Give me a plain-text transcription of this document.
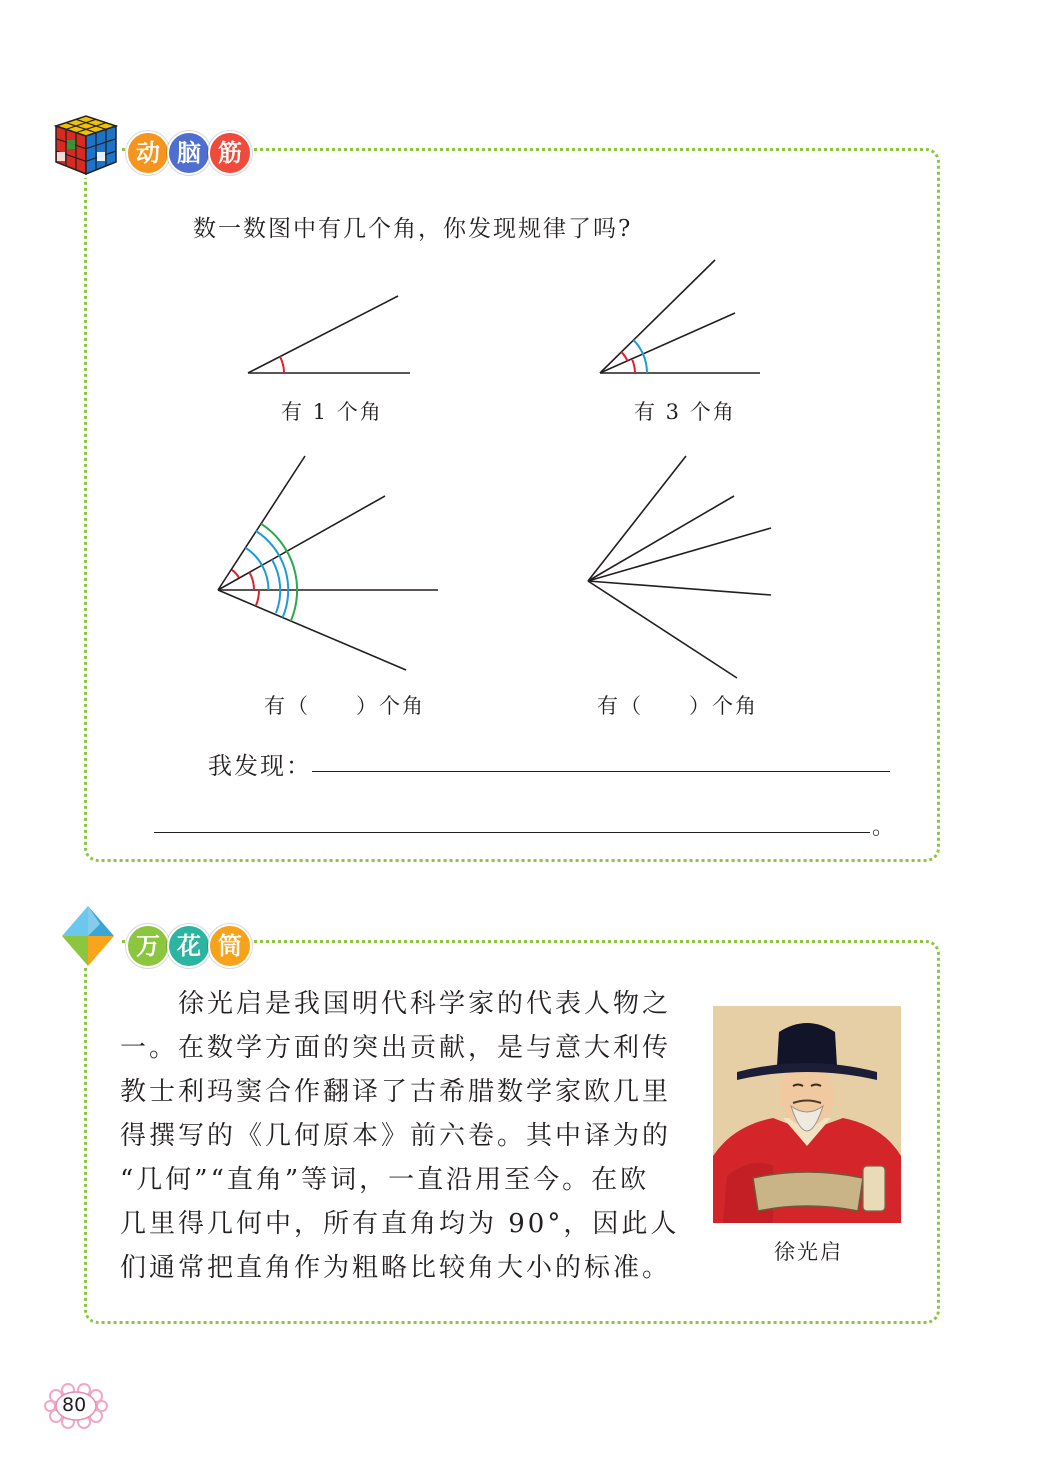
动 脑 筋
数一数图中有几个角，你发现规律了吗?
有 1 个角	有 3 个角
有（　　）个角	有（　　）个角
我发现：
。
万 花 筒
　　徐光启是我国明代科学家的代表人物之
一。在数学方面的突出贡献，是与意大利传
教士利玛窦合作翻译了古希腊数学家欧几里
得撰写的《几何原本》前六卷。其中译为的
“几何”“直角”等词，一直沿用至今。在欧
几里得几何中，所有直角均为 90°，因此人
们通常把直角作为粗略比较角大小的标准。
徐光启
80
